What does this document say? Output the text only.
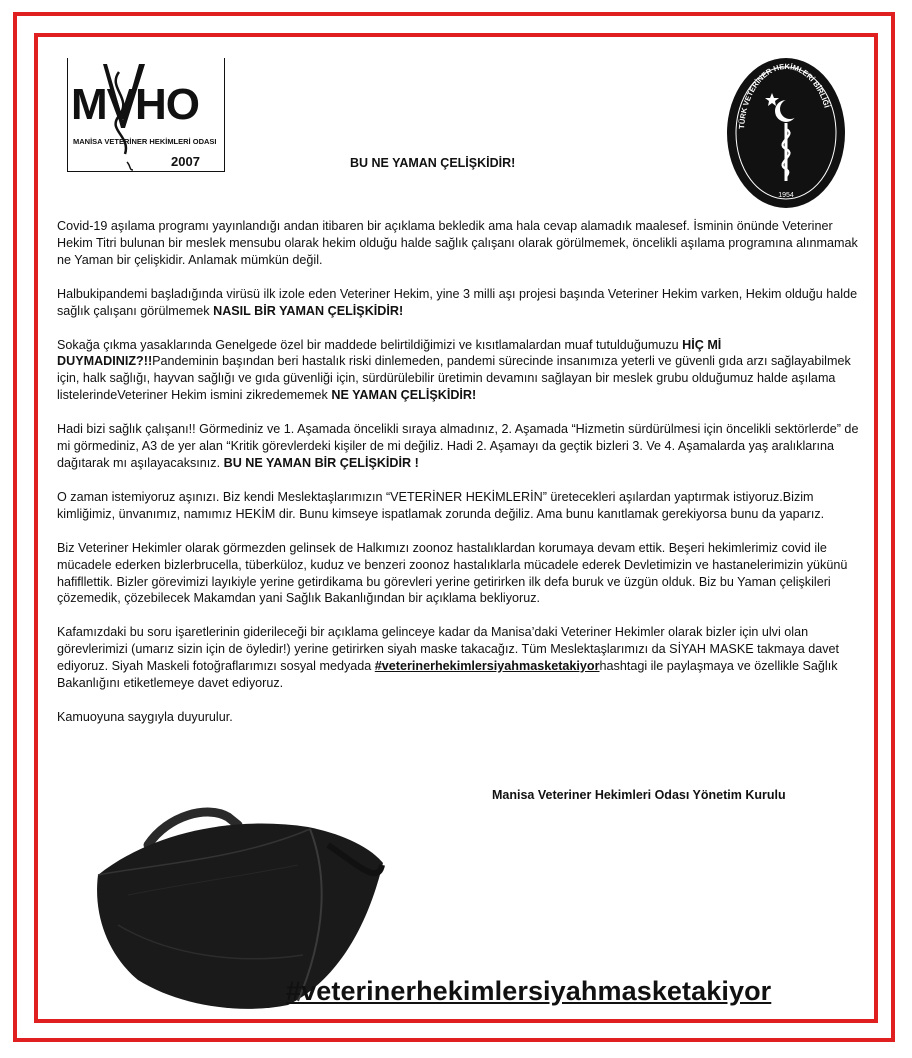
MVHO
MANİSA VETERİNER HEKİMLERİ ODASI
2007
TÜRK VETERİNER HEKİMLERİ BİRLİĞİ
1954
BU NE YAMAN ÇELİŞKİDİR!

Covid-19 aşılama programı yayınlandığı andan itibaren bir açıklama bekledik ama hala cevap alamadık maalesef. İsminin önünde Veteriner Hekim Titri bulunan bir meslek mensubu olarak hekim olduğu halde sağlık çalışanı olarak görülmemek, öncelikli aşılama programına alınmamak ne Yaman bir çelişkidir. Anlamak mümkün değil.

Halbukipandemi başladığında virüsü ilk izole eden Veteriner Hekim, yine 3 milli aşı projesi başında Veteriner Hekim varken, Hekim olduğu halde sağlık çalışanı görülmemek NASIL BİR YAMAN ÇELİŞKİDİR!

Sokağa çıkma yasaklarında Genelgede özel bir maddede belirtildiğimizi ve kısıtlamalardan muaf tutulduğumuzu HİÇ Mİ DUYMADINIZ?!!Pandeminin başından beri hastalık riski dinlemeden, pandemi sürecinde insanımıza yeterli ve güvenli gıda arzı sağlayabilmek için, halk sağlığı, hayvan sağlığı ve gıda güvenliği için, sürdürülebilir üretimin devamını sağlayan bir meslek grubu olduğumuz halde aşılama listelerindeVeteriner Hekim ismini zikredememek NE YAMAN ÇELİŞKİDİR!

Hadi bizi sağlık çalışanı!! Görmediniz ve 1. Aşamada öncelikli sıraya almadınız, 2. Aşamada “Hizmetin sürdürülmesi için öncelikli sektörlerde” de mi görmediniz, A3 de yer alan “Kritik görevlerdeki kişiler de mi değiliz. Hadi 2. Aşamayı da geçtik bizleri 3. Ve 4. Aşamalarda yaş aralıklarına dağıtarak mı aşılayacaksınız. BU NE YAMAN BİR ÇELİŞKİDİR !

O zaman istemiyoruz aşınızı. Biz kendi Meslektaşlarımızın “VETERİNER HEKİMLERİN” üretecekleri aşılardan yaptırmak istiyoruz.Bizim kimliğimiz, ünvanımız, namımız HEKİM dir. Bunu kimseye ispatlamak zorunda değiliz. Ama bunu kanıtlamak gerekiyorsa bunu da yaparız.

Biz Veteriner Hekimler olarak görmezden gelinsek de Halkımızı zoonoz hastalıklardan korumaya devam ettik. Beşeri hekimlerimiz covid ile mücadele ederken bizlerbrucella, tüberküloz, kuduz ve benzeri zoonoz hastalıklarla mücadele ederek Devletimizin ve hastanelerimizin yükünü hafifllettik. Bizler görevimizi layıkiyle yerine getirdikama bu görevleri yerine getirirken ilk defa buruk ve üzgün olduk. Biz bu Yaman çelişkileri çözemedik, çözebilecek Makamdan yani Sağlık Bakanlığından bir açıklama bekliyoruz.

Kafamızdaki bu soru işaretlerinin giderileceği bir açıklama gelinceye kadar da Manisa’daki Veteriner Hekimler olarak bizler için ulvi olan görevlerimizi (umarız sizin için de öyledir!) yerine getirirken siyah maske takacağız. Tüm Meslektaşlarımızı da SİYAH MASKE takmaya davet ediyoruz. Siyah Maskeli fotoğraflarımızı sosyal medyada #veterinerhekimlersiyahmasketakiyorhashtagi ile paylaşmaya ve özellikle Sağlık Bakanlığını etiketlemeye davet ediyoruz.

Kamuoyuna saygıyla duyurulur.

Manisa Veteriner Hekimleri Odası Yönetim Kurulu
#veterinerhekimlersiyahmasketakiyor
